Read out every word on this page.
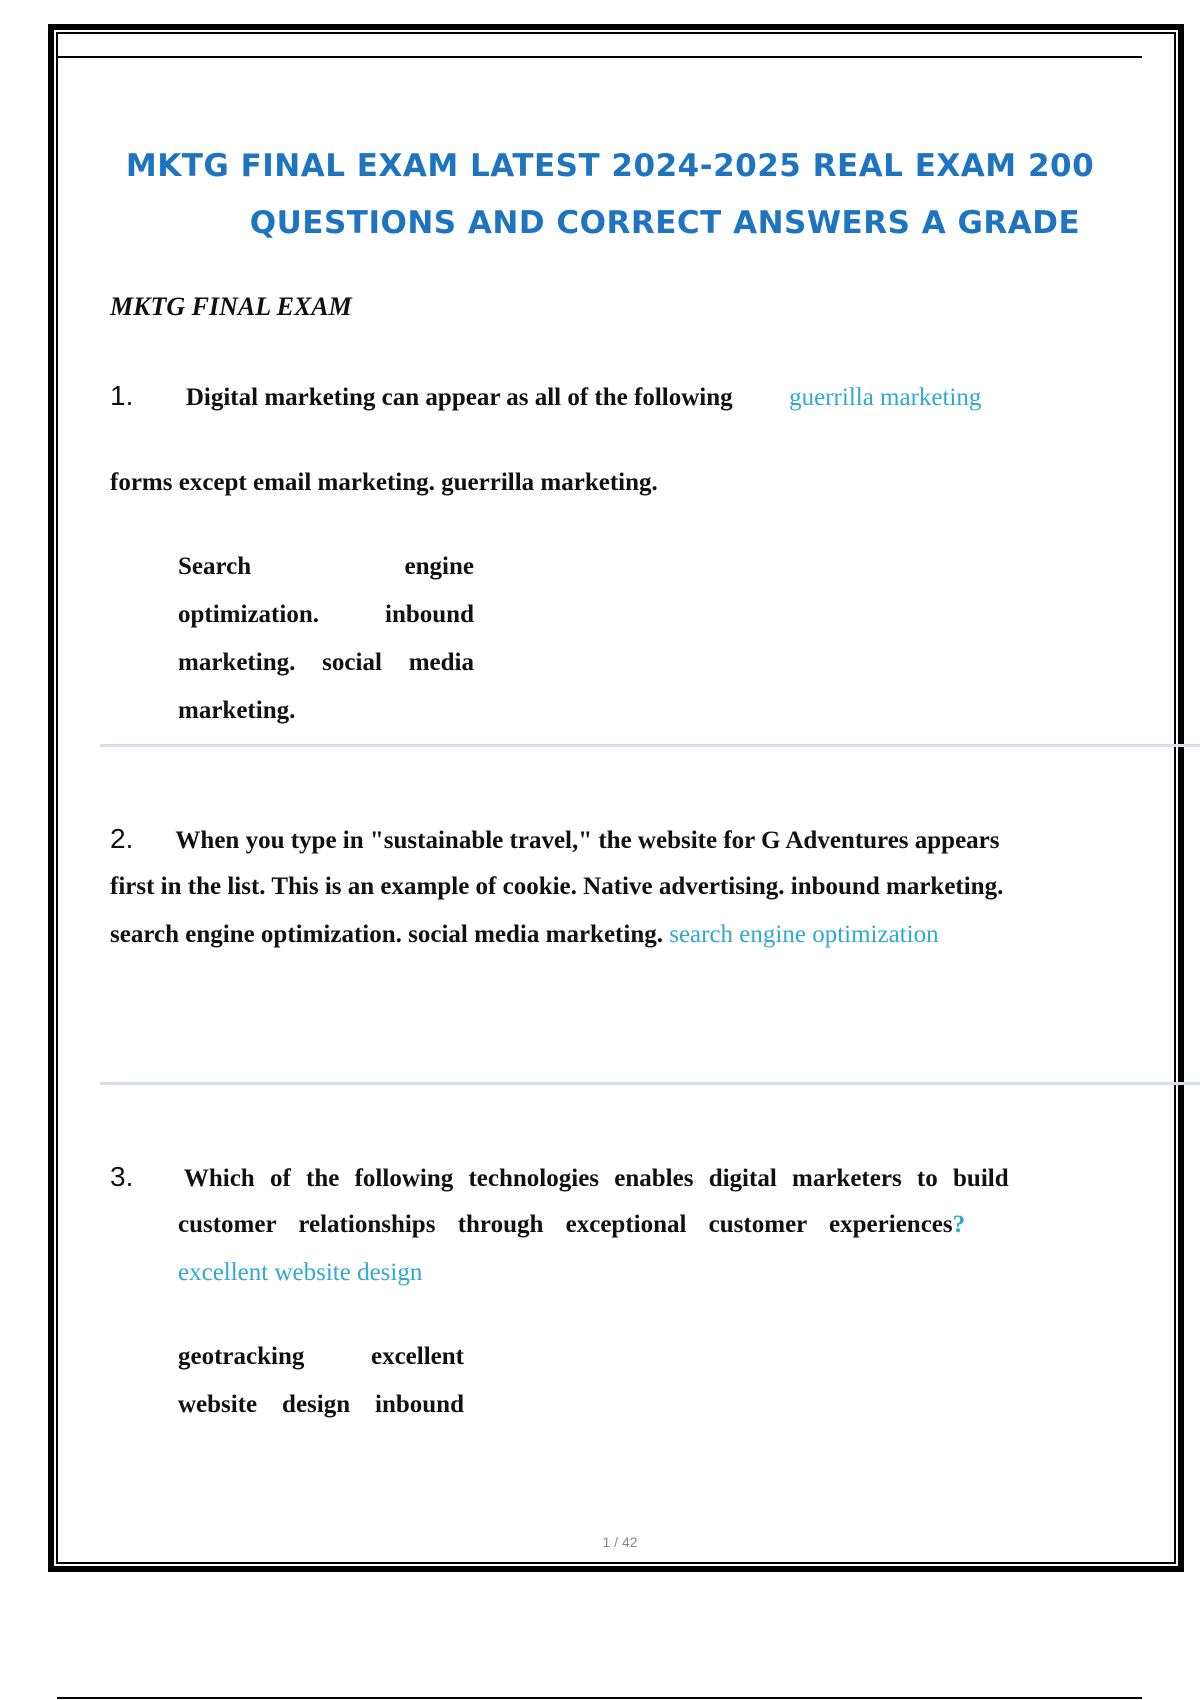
MKTG FINAL EXAM LATEST 2024-2025 REAL EXAM 200
QUESTIONS AND CORRECT ANSWERS A GRADE
MKTG FINAL EXAM
1. Digital marketing can appear as all of the following guerrilla marketing
forms except email marketing. guerrilla marketing.
Search engine
optimization. inbound
marketing. social media
marketing.
2. When you type in "sustainable travel," the website for G Adventures appears
first in the list. This is an example of cookie. Native advertising. inbound marketing.
search engine optimization. social media marketing. search engine optimization
3. Which of the following technologies enables digital marketers to build
customer relationships through exceptional customer experiences?
excellent website design
geotracking excellent
website design inbound
1 / 42
